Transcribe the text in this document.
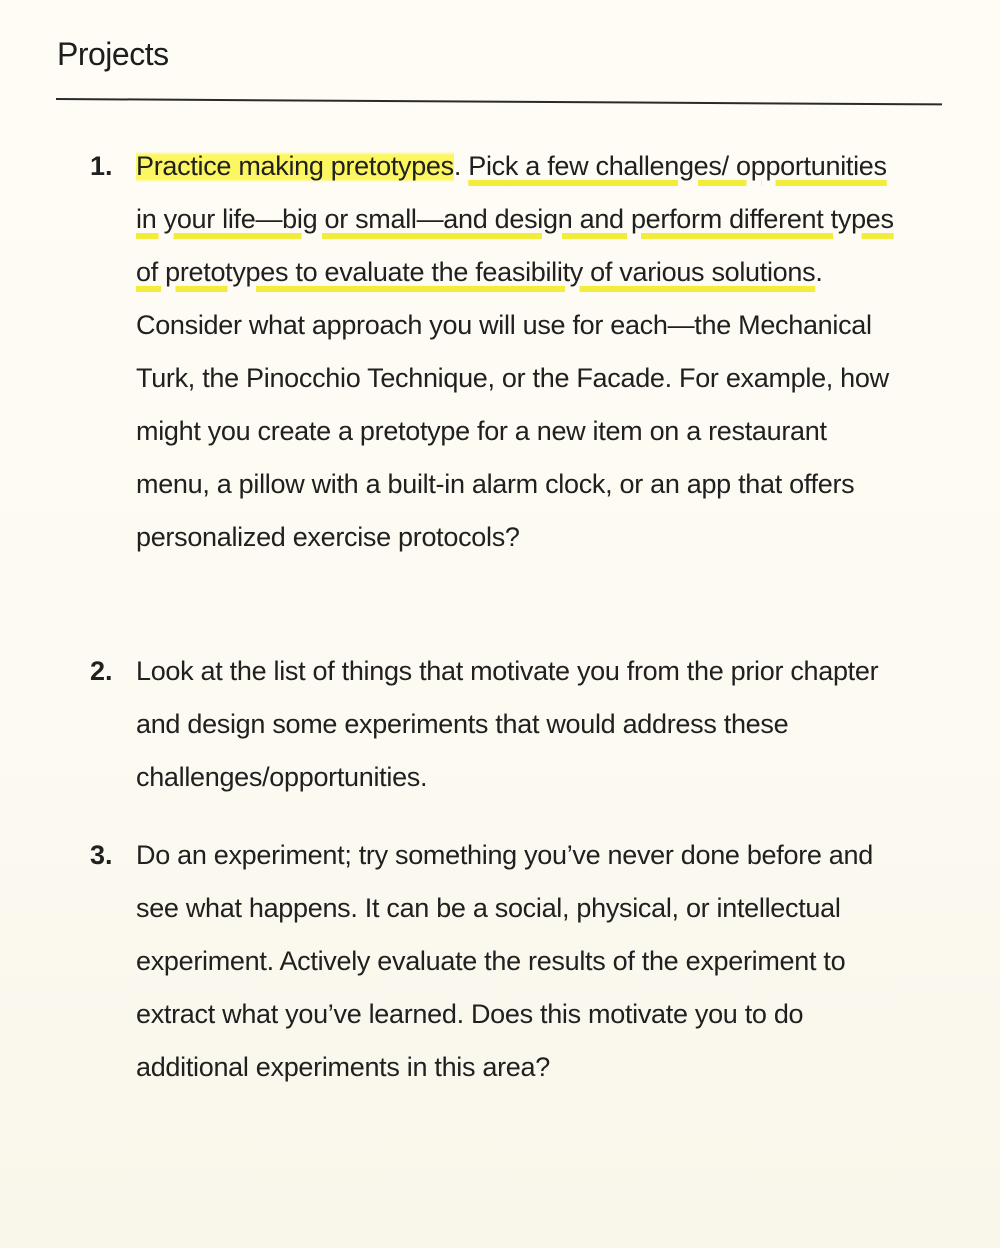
Projects
1. Practice making pretotypes. Pick a few challenges/ opportunities in your life—big or small—and design and perform different types of pretotypes to evaluate the feasibility of various solutions. Consider what approach you will use for each—the Mechanical Turk, the Pinocchio Technique, or the Facade. For example, how might you create a pretotype for a new item on a restaurant menu, a pillow with a built-in alarm clock, or an app that offers personalized exercise protocols?
2. Look at the list of things that motivate you from the prior chapter and design some experiments that would address these challenges/opportunities.
3. Do an experiment; try something you’ve never done before and see what happens. It can be a social, physical, or intellectual experiment. Actively evaluate the results of the experiment to extract what you’ve learned. Does this motivate you to do additional experiments in this area?
